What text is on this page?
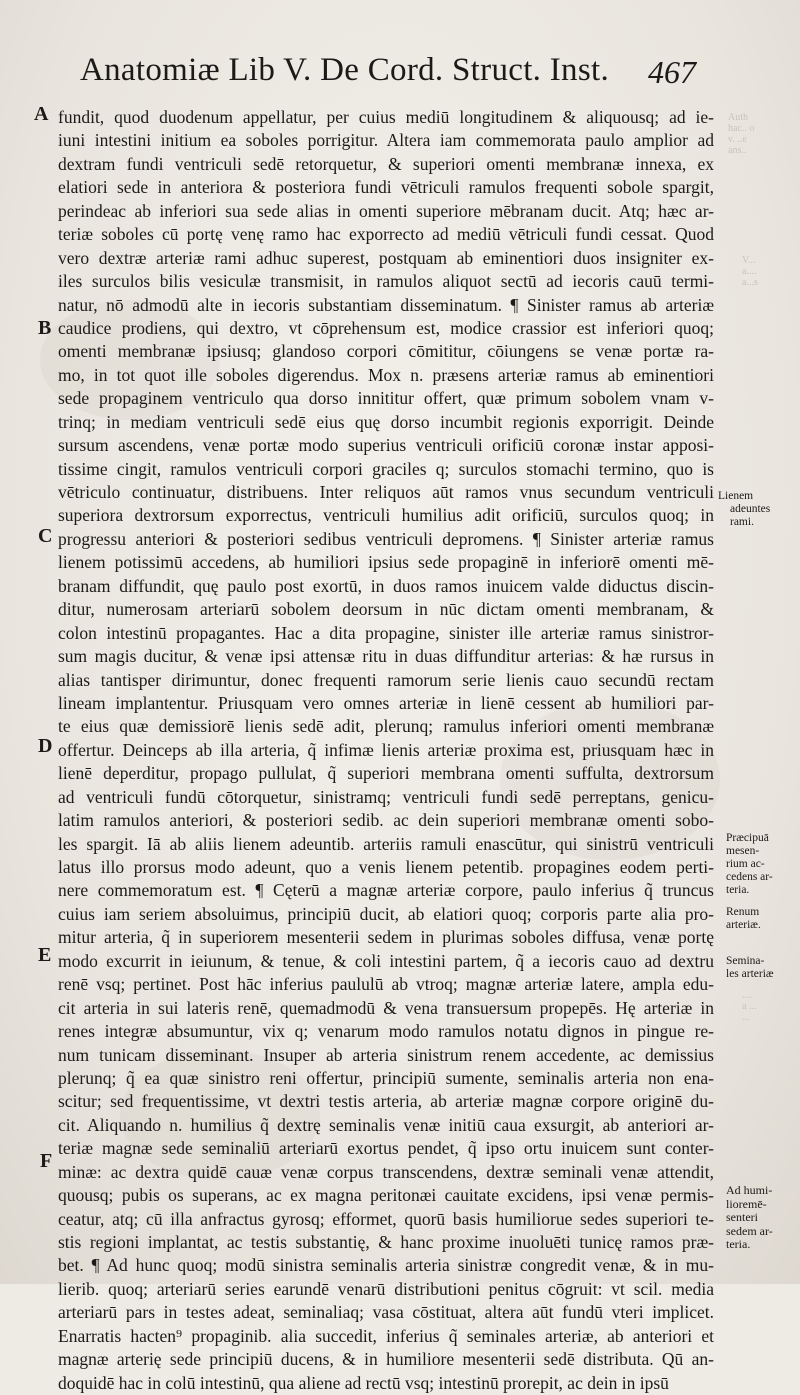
Auth
hac.. o
v. ..e
ans..
V...
a....
a...s
....
a ...
...
Anatomiæ Lib V. De Cord. Struct. Inst. 467
A
B
C
D
E
F
fundit, quod duodenum appellatur, per cuius mediū longitudinem & aliquousq; ad ie-
iuni intestini initium ea soboles porrigitur. Altera iam commemorata paulo amplior ad
dextram fundi ventriculi sedē retorquetur, & superiori omenti membranæ innexa, ex
elatiori sede in anteriora & posteriora fundi vētriculi ramulos frequenti sobole spargit,
perindeac ab inferiori sua sede alias in omenti superiore mēbranam ducit. Atq; hæc ar-
teriæ soboles cū portę venę ramo hac exporrecto ad mediū vētriculi fundi cessat. Quod
vero dextræ arteriæ rami adhuc superest, postquam ab eminentiori duos insigniter ex-
iles surculos bilis vesiculæ transmisit, in ramulos aliquot sectū ad iecoris cauū termi-
natur, nō admodū alte in iecoris substantiam disseminatum. ¶ Sinister ramus ab arteriæ
caudice prodiens, qui dextro, vt cōprehensum est, modice crassior est inferiori quoq;
omenti membranæ ipsiusq; glandoso corpori cōmititur, cōiungens se venæ portæ ra-
mo, in tot quot ille soboles digerendus. Mox n. præsens arteriæ ramus ab eminentiori
sede propaginem ventriculo qua dorso innititur offert, quæ primum sobolem vnam v-
trinq; in mediam ventriculi sedē eius quę dorso incumbit regionis exporrigit. Deinde
sursum ascendens, venæ portæ modo superius ventriculi orificiū coronæ instar apposi-
tissime cingit, ramulos ventriculi corpori graciles q; surculos stomachi termino, quo is
vētriculo continuatur, distribuens. Inter reliquos aūt ramos vnus secundum ventriculi
superiora dextrorsum exporrectus, ventriculi humilius adit orificiū, surculos quoq; in
progressu anteriori & posteriori sedibus ventriculi depromens. ¶ Sinister arteriæ ramus
lienem potissimū accedens, ab humiliori ipsius sede propaginē in inferiorē omenti mē-
branam diffundit, quę paulo post exortū, in duos ramos inuicem valde diductus discin-
ditur, numerosam arteriarū sobolem deorsum in nūc dictam omenti membranam, &
colon intestinū propagantes. Hac a dita propagine, sinister ille arteriæ ramus sinistror-
sum magis ducitur, & venæ ipsi attensæ ritu in duas diffunditur arterias: & hæ rursus in
alias tantisper dirimuntur, donec frequenti ramorum serie lienis cauo secundū rectam
lineam implantentur. Priusquam vero omnes arteriæ in lienē cessent ab humiliori par-
te eius quæ demissiorē lienis sedē adit, plerunq; ramulus inferiori omenti membranæ
offertur. Deinceps ab illa arteria, q̃ infimæ lienis arteriæ proxima est, priusquam hæc in
lienē deperditur, propago pullulat, q̃ superiori membrana omenti suffulta, dextrorsum
ad ventriculi fundū cōtorquetur, sinistramq; ventriculi fundi sedē perreptans, genicu-
latim ramulos anteriori, & posteriori sedib. ac dein superiori membranæ omenti sobo-
les spargit. Iā ab aliis lienem adeuntib. arteriis ramuli enascūtur, qui sinistrū ventriculi
latus illo prorsus modo adeunt, quo a venis lienem petentib. propagines eodem perti-
nere commemoratum est. ¶ Cęterū a magnæ arteriæ corpore, paulo inferius q̃ truncus
cuius iam seriem absoluimus, principiū ducit, ab elatiori quoq; corporis parte alia pro-
mitur arteria, q̃ in superiorem mesenterii sedem in plurimas soboles diffusa, venæ portę
modo excurrit in ieiunum, & tenue, & coli intestini partem, q̃ a iecoris cauo ad dextru
renē vsq; pertinet. Post hāc inferius paululū ab vtroq; magnæ arteriæ latere, ampla edu-
cit arteria in sui lateris renē, quemadmodū & vena transuersum propepēs. Hę arteriæ in
renes integræ absumuntur, vix q; venarum modo ramulos notatu dignos in pingue re-
num tunicam disseminant. Insuper ab arteria sinistrum renem accedente, ac demissius
plerunq; q̃ ea quæ sinistro reni offertur, principiū sumente, seminalis arteria non ena-
scitur; sed frequentissime, vt dextri testis arteria, ab arteriæ magnæ corpore originē du-
cit. Aliquando n. humilius q̃ dextrę seminalis venæ initiū caua exsurgit, ab anteriori ar-
teriæ magnæ sede seminaliū arteriarū exortus pendet, q̃ ipso ortu inuicem sunt conter-
minæ: ac dextra quidē cauæ venæ corpus transcendens, dextræ seminali venæ attendit,
quousq; pubis os superans, ac ex magna peritonæi cauitate excidens, ipsi venæ permis-
ceatur, atq; cū illa anfractus gyrosq; efformet, quorū basis humiliorue sedes superiori te-
stis regioni implantat, ac testis substantię, & hanc proxime inuoluēti tunicę ramos præ-
bet. ¶ Ad hunc quoq; modū sinistra seminalis arteria sinistræ congredit venæ, & in mu-
lierib. quoq; arteriarū series earundē venarū distributioni penitus cōgruit: vt scil. media
arteriarū pars in testes adeat, seminaliaq; vasa cōstituat, altera aūt fundū vteri implicet.
Enarratis hacten⁹ propaginib. alia succedit, inferius q̃ seminales arteriæ, ab anteriori et
magnæ arterię sede principiū ducens, & in humiliore mesenterii sedē distributa. Qū an-
doquidē hac in colū intestinū, qua aliene ad rectū vsq; intestinū prorepit, ac dein in ipsū
Lienem
adeuntes
rami.
Præcipuā
mesen-
rium ac-
cedens ar-
teria.
Renum
arteriæ.
Semina-
les arteriæ
Ad humi-
lioremē-
senteri
sedem ar-
teria.
